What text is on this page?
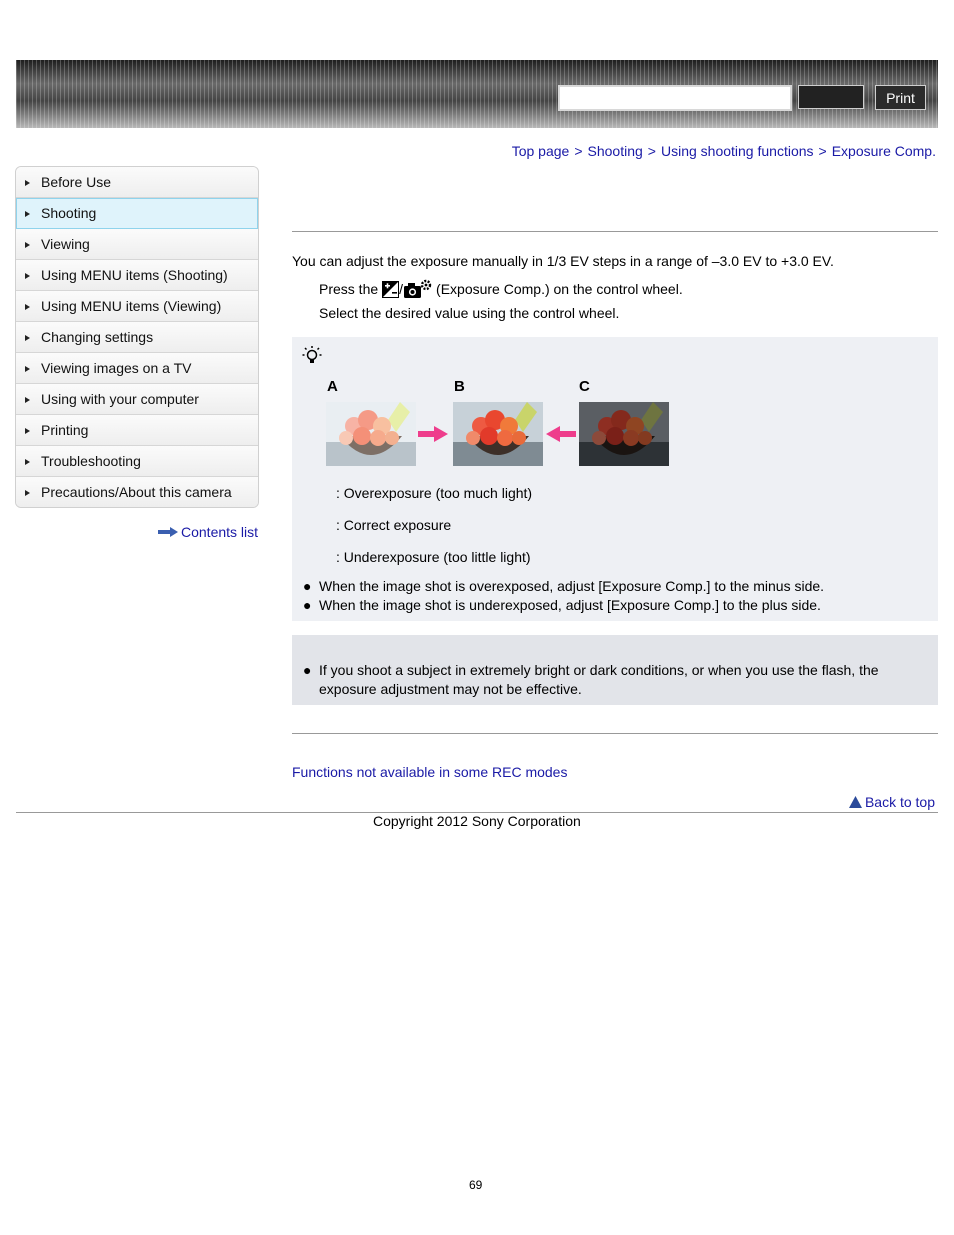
Print
Top page > Shooting > Using shooting functions > Exposure Comp.
Before Use
Shooting
Viewing
Using MENU items (Shooting)
Using MENU items (Viewing)
Changing settings
Viewing images on a TV
Using with your computer
Printing
Troubleshooting
Precautions/About this camera
Contents list
You can adjust the exposure manually in 1/3 EV steps in a range of –3.0 EV to +3.0 EV.
Press the / (Exposure Comp.) on the control wheel.
Select the desired value using the control wheel.
A	B	C
: Overexposure (too much light)
: Correct exposure
: Underexposure (too little light)
● When the image shot is overexposed, adjust [Exposure Comp.] to the minus side.
● When the image shot is underexposed, adjust [Exposure Comp.] to the plus side.
● If you shoot a subject in extremely bright or dark conditions, or when you use the flash, the exposure adjustment may not be effective.
Functions not available in some REC modes
Back to top
Copyright 2012 Sony Corporation
69
